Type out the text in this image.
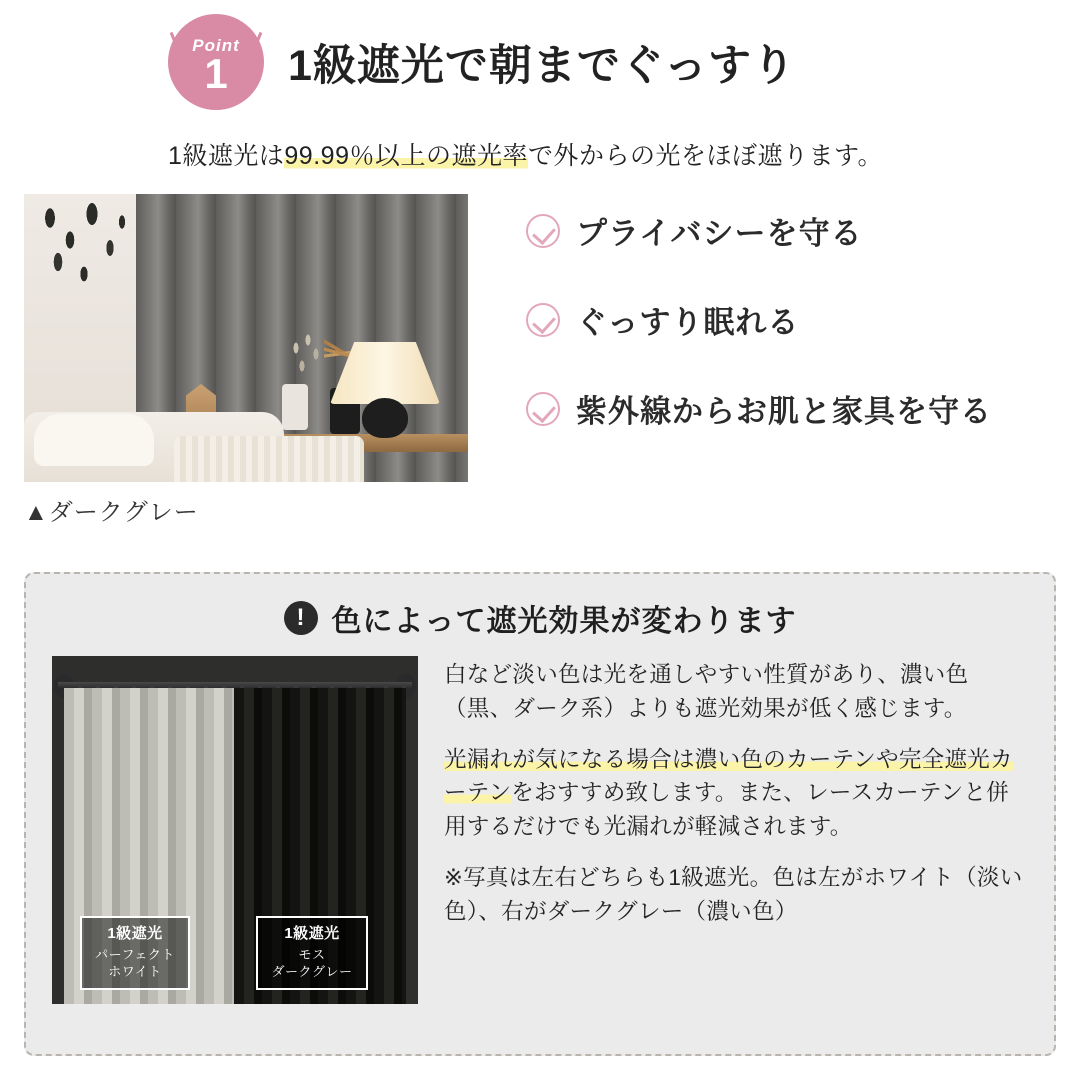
Point
1 1級遮光で朝までぐっすり
1級遮光は99.99％以上の遮光率で外からの光をほぼ遮ります。
▲ダークグレー
プライバシーを守る
ぐっすり眠れる
紫外線からお肌と家具を守る
! 色によって遮光効果が変わります
1級遮光
パーフェクト
ホワイト
1級遮光
モス
ダークグレー

白など淡い色は光を通しやすい性質があり、濃い色（黒、ダーク系）よりも遮光効果が低く感じます。

光漏れが気になる場合は濃い色のカーテンや完全遮光カーテンをおすすめ致します。また、レースカーテンと併用するだけでも光漏れが軽減されます。

※写真は左右どちらも1級遮光。色は左がホワイト（淡い色）、右がダークグレー（濃い色）
